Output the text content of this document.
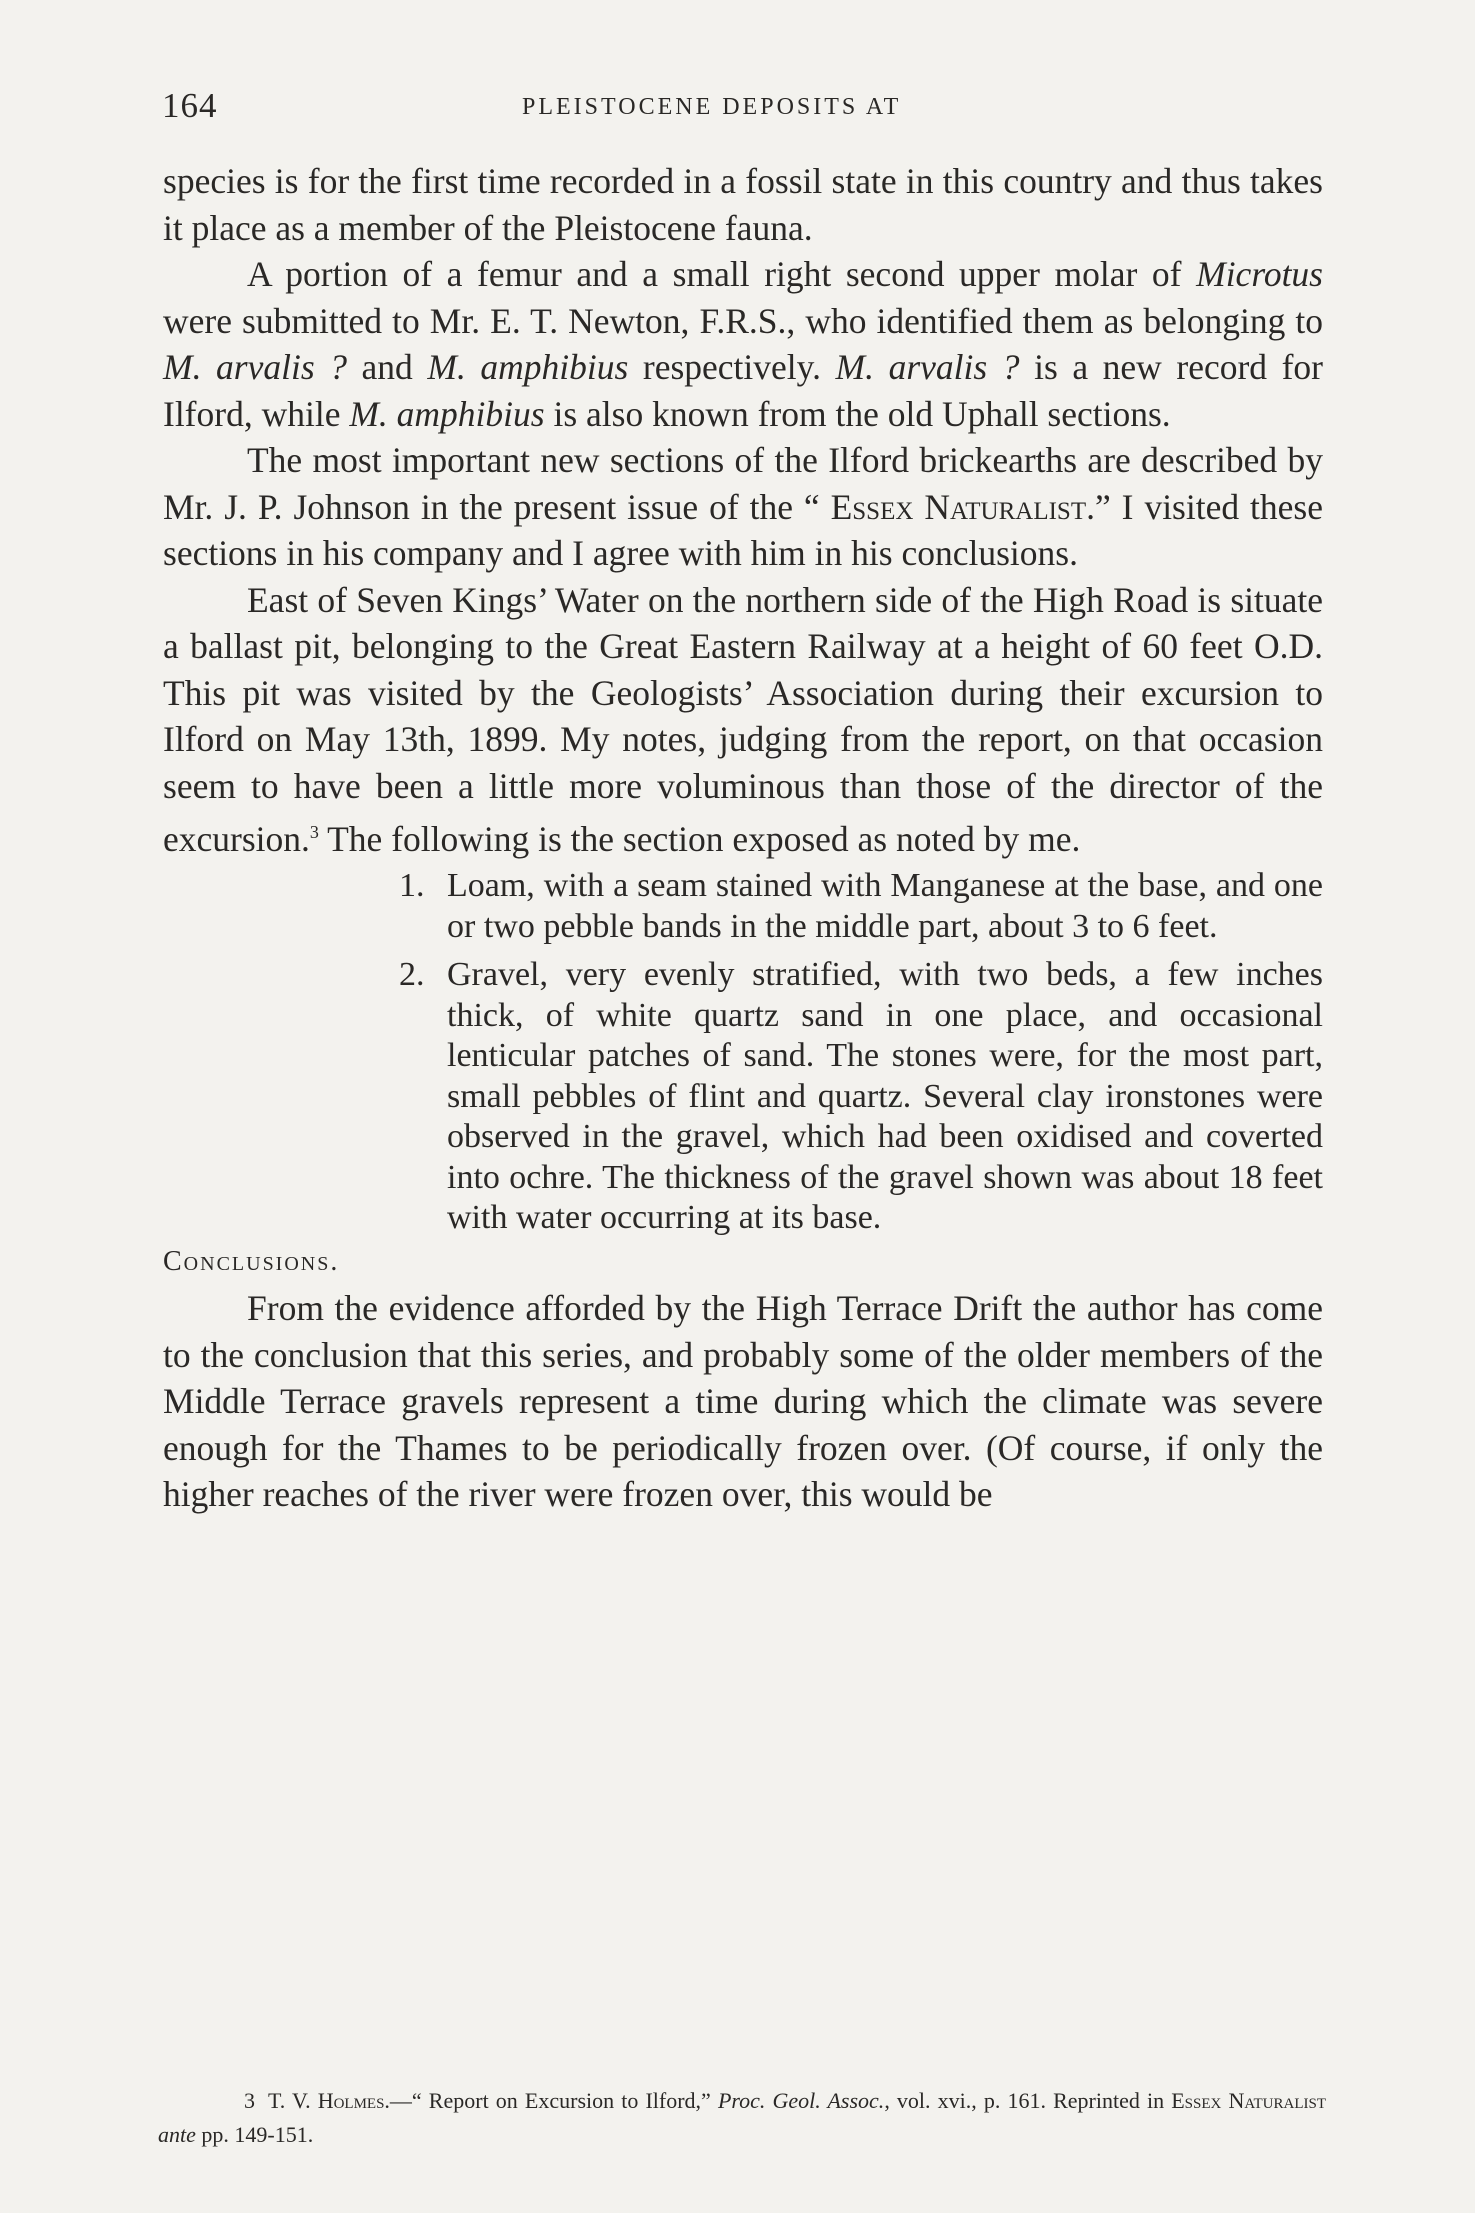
164	PLEISTOCENE DEPOSITS AT

species is for the first time recorded in a fossil state in this country and thus takes it place as a member of the Pleistocene fauna.

A portion of a femur and a small right second upper molar of Microtus were submitted to Mr. E. T. Newton, F.R.S., who identified them as belonging to M. arvalis ? and M. amphibius respectively. M. arvalis ? is a new record for Ilford, while M. amphibius is also known from the old Uphall sections.

The most important new sections of the Ilford brickearths are described by Mr. J. P. Johnson in the present issue of the “ Essex Naturalist.” I visited these sections in his company and I agree with him in his conclusions.

East of Seven Kings’ Water on the northern side of the High Road is situate a ballast pit, belonging to the Great Eastern Railway at a height of 60 feet O.D. This pit was visited by the Geologists’ Association during their excursion to Ilford on May 13th, 1899. My notes, judging from the report, on that occasion seem to have been a little more voluminous than those of the director of the excursion.$^3$ The following is the section exposed as noted by me.

1. Loam, with a seam stained with Manganese at the base, and one or two pebble bands in the middle part, about 3 to 6 feet.
2. Gravel, very evenly stratified, with two beds, a few inches thick, of white quartz sand in one place, and occasional lenticular patches of sand. The stones were, for the most part, small pebbles of flint and quartz. Several clay ironstones were observed in the gravel, which had been oxidised and coverted into ochre. The thickness of the gravel shown was about 18 feet with water occurring at its base.

Conclusions.

From the evidence afforded by the High Terrace Drift the author has come to the conclusion that this series, and probably some of the older members of the Middle Terrace gravels represent a time during which the climate was severe enough for the Thames to be periodically frozen over. (Of course, if only the higher reaches of the river were frozen over, this would be

3 T. V. Holmes.—“ Report on Excursion to Ilford,” Proc. Geol. Assoc., vol. xvi., p. 161. Reprinted in Essex Naturalist ante pp. 149-151.
